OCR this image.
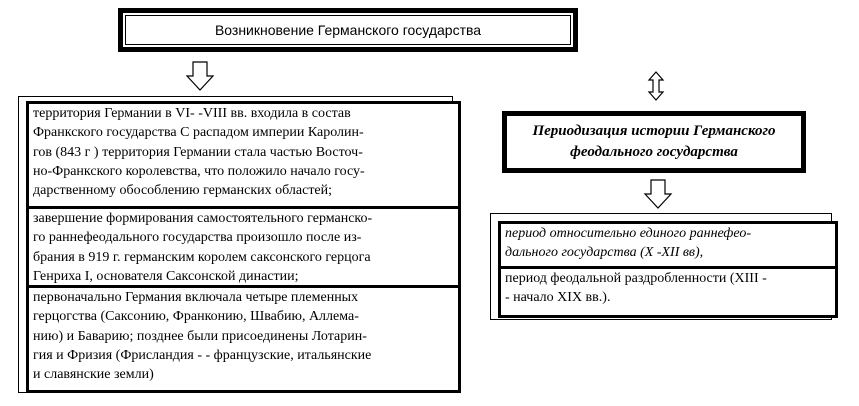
Возникновение Германского государства
территория Германии в VI- -VIII вв. входила в состав
Франкского государства С распадом империи Каролин-
гов (843 г ) территория Германии стала частью Восточ-
но-Франкского королевства, что положило начало госу-
дарственному обособлению германских областей;
завершение формирования самостоятельного германско-
го раннефеодального государства произошло после из-
брания в 919 г. германским королем саксонского герцога
Генриха I, основателя Саксонской династии;
первоначально Германия включала четыре племенных
герцогства (Саксонию, Франконию, Швабию, Аллема-
нию) и Баварию; позднее были присоединены Лотарин-
гия и Фризия (Фрисландия - - французские, итальянские
и славянские земли)
Периодизация истории Германского феодального государства
период относительно единого раннефео-
дального государства (X -XII вв),
период феодальной раздробленности (XIII -
- начало XIX вв.).
